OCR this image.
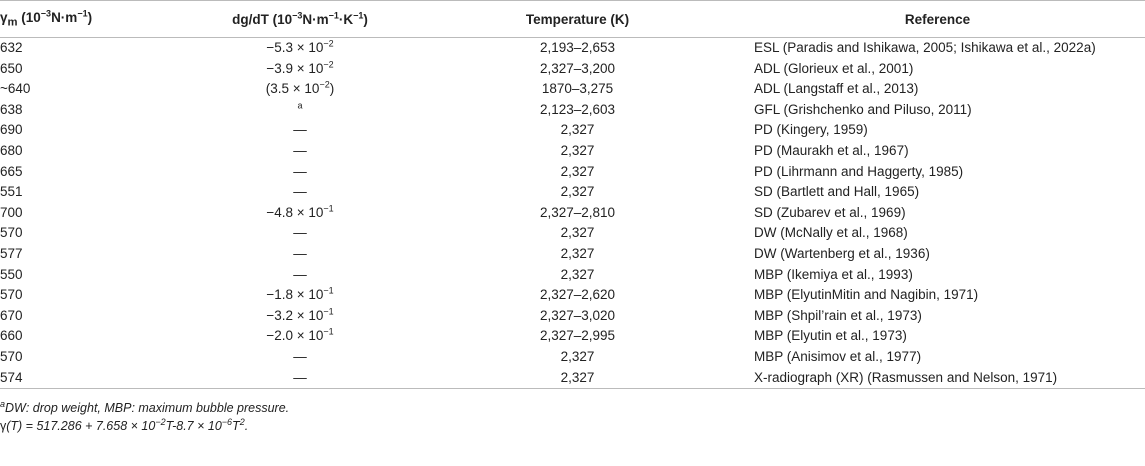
$\gamma_m$ $(10^{-3}N\cdot m^{-1})$	dg/dT $(10^{-3}N\cdot m^{-1}\cdot K^{-1})$	Temperature (K)	Reference
632	$-5.3 \times 10^{-2}$	2,193–2,653	ESL (Paradis and Ishikawa, 2005; Ishikawa et al., 2022a)
650	$-3.9 \times 10^{-2}$	2,327–3,200	ADL (Glorieux et al., 2001)
~640	$(3.5 \times 10^{-2})$	1870–3,275	ADL (Langstaff et al., 2013)
638	$^a$	2,123–2,603	GFL (Grishchenko and Piluso, 2011)
690	—	2,327	PD (Kingery, 1959)
680	—	2,327	PD (Maurakh et al., 1967)
665	—	2,327	PD (Lihrmann and Haggerty, 1985)
551	—	2,327	SD (Bartlett and Hall, 1965)
700	$-4.8 \times 10^{-1}$	2,327–2,810	SD (Zubarev et al., 1969)
570	—	2,327	DW (McNally et al., 1968)
577	—	2,327	DW (Wartenberg et al., 1936)
550	—	2,327	MBP (Ikemiya et al., 1993)
570	$-1.8 \times 10^{-1}$	2,327–2,620	MBP (ElyutinMitin and Nagibin, 1971)
670	$-3.2 \times 10^{-1}$	2,327–3,020	MBP (Shpil’rain et al., 1973)
660	$-2.0 \times 10^{-1}$	2,327–2,995	MBP (Elyutin et al., 1973)
570	—	2,327	MBP (Anisimov et al., 1977)
574	—	2,327	X-radiograph (XR) (Rasmussen and Nelson, 1971)
$^a$DW: drop weight, MBP: maximum bubble pressure.
$\gamma(T) = 517.286 + 7.658 \times 10^{-2}T-8.7 \times 10^{-6}T^2$.
